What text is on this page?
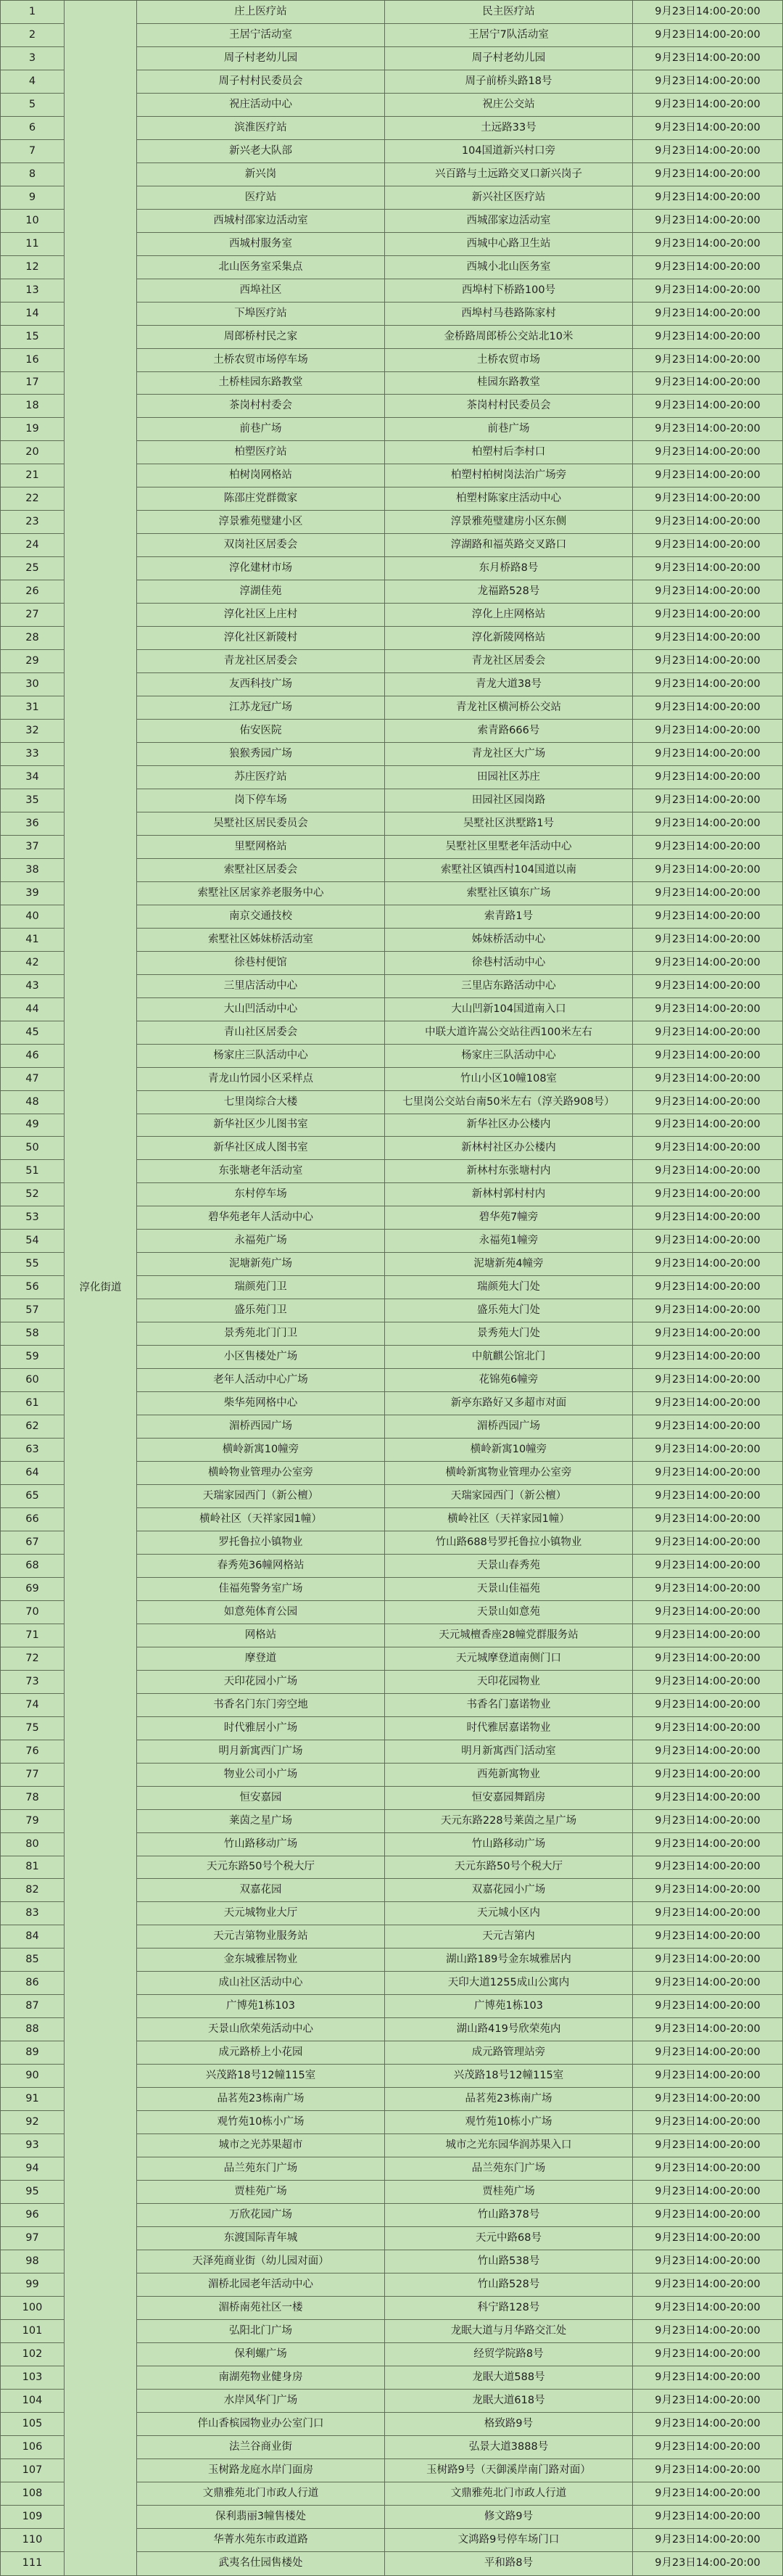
1	淳化街道	庄上医疗站	民主医疗站	9月23日14:00-20:00
2		王居宁活动室	王居宁7队活动室	9月23日14:00-20:00
3		周子村老幼儿园	周子村老幼儿园	9月23日14:00-20:00
4		周子村村民委员会	周子前桥头路18号	9月23日14:00-20:00
5		祝庄活动中心	祝庄公交站	9月23日14:00-20:00
6		滨淮医疗站	土远路33号	9月23日14:00-20:00
7		新兴老大队部	104国道新兴村口旁	9月23日14:00-20:00
8		新兴岗	兴百路与土远路交叉口新兴岗子	9月23日14:00-20:00
9		医疗站	新兴社区医疗站	9月23日14:00-20:00
10		西城村邵家边活动室	西城邵家边活动室	9月23日14:00-20:00
11		西城村服务室	西城中心路卫生站	9月23日14:00-20:00
12		北山医务室采集点	西城小北山医务室	9月23日14:00-20:00
13		西埠社区	西埠村下桥路100号	9月23日14:00-20:00
14		下埠医疗站	西埠村马巷路陈家村	9月23日14:00-20:00
15		周郎桥村民之家	金桥路周郎桥公交站北10米	9月23日14:00-20:00
16		土桥农贸市场停车场	土桥农贸市场	9月23日14:00-20:00
17		土桥桂园东路教堂	桂园东路教堂	9月23日14:00-20:00
18		茶岗村村委会	茶岗村村民委员会	9月23日14:00-20:00
19		前巷广场	前巷广场	9月23日14:00-20:00
20		柏塑医疗站	柏塑村后李村口	9月23日14:00-20:00
21		柏树岗网格站	柏塑村柏树岗法治广场旁	9月23日14:00-20:00
22		陈邵庄党群微家	柏塑村陈家庄活动中心	9月23日14:00-20:00
23		淳景雅苑璧建小区	淳景雅苑璧建房小区东侧	9月23日14:00-20:00
24		双岗社区居委会	淳湖路和福英路交叉路口	9月23日14:00-20:00
25		淳化建材市场	东月桥路8号	9月23日14:00-20:00
26		淳湖佳苑	龙福路528号	9月23日14:00-20:00
27		淳化社区上庄村	淳化上庄网格站	9月23日14:00-20:00
28		淳化社区新陵村	淳化新陵网格站	9月23日14:00-20:00
29		青龙社区居委会	青龙社区居委会	9月23日14:00-20:00
30		友西科技广场	青龙大道38号	9月23日14:00-20:00
31		江苏龙冠广场	青龙社区横河桥公交站	9月23日14:00-20:00
32		佑安医院	索青路666号	9月23日14:00-20:00
33		狼猴秀园广场	青龙社区大广场	9月23日14:00-20:00
34		苏庄医疗站	田园社区苏庄	9月23日14:00-20:00
35		岗下停车场	田园社区园岗路	9月23日14:00-20:00
36		吴墅社区居民委员会	吴墅社区洪墅路1号	9月23日14:00-20:00
37		里墅网格站	吴墅社区里墅老年活动中心	9月23日14:00-20:00
38		索墅社区居委会	索墅社区镇西村104国道以南	9月23日14:00-20:00
39		索墅社区居家养老服务中心	索墅社区镇东广场	9月23日14:00-20:00
40		南京交通技校	索青路1号	9月23日14:00-20:00
41		索墅社区姊妹桥活动室	姊妹桥活动中心	9月23日14:00-20:00
42		徐巷村便馆	徐巷村活动中心	9月23日14:00-20:00
43		三里店活动中心	三里店东路活动中心	9月23日14:00-20:00
44		大山凹活动中心	大山凹新104国道南入口	9月23日14:00-20:00
45		青山社区居委会	中联大道许嵩公交站往西100米左右	9月23日14:00-20:00
46		杨家庄三队活动中心	杨家庄三队活动中心	9月23日14:00-20:00
47		青龙山竹园小区采样点	竹山小区10幢108室	9月23日14:00-20:00
48		七里岗综合大楼	七里岗公交站台南50米左右（淳关路908号）	9月23日14:00-20:00
49		新华社区少儿图书室	新华社区办公楼内	9月23日14:00-20:00
50		新华社区成人图书室	新林村社区办公楼内	9月23日14:00-20:00
51		东张塘老年活动室	新林村东张塘村内	9月23日14:00-20:00
52		东村停车场	新林村郭村村内	9月23日14:00-20:00
53		碧华苑老年人活动中心	碧华苑7幢旁	9月23日14:00-20:00
54		永福苑广场	永福苑1幢旁	9月23日14:00-20:00
55		泥塘新苑广场	泥塘新苑4幢旁	9月23日14:00-20:00
56		瑞颜苑门卫	瑞颜苑大门处	9月23日14:00-20:00
57		盛乐苑门卫	盛乐苑大门处	9月23日14:00-20:00
58		景秀苑北门门卫	景秀苑大门处	9月23日14:00-20:00
59		小区售楼处广场	中航麒公馆北门	9月23日14:00-20:00
60		老年人活动中心广场	花锦苑6幢旁	9月23日14:00-20:00
61		柴华苑网格中心	新亭东路好又多超市对面	9月23日14:00-20:00
62		湄桥西园广场	湄桥西园广场	9月23日14:00-20:00
63		横岭新寓10幢旁	横岭新寓10幢旁	9月23日14:00-20:00
64		横岭物业管理办公室旁	横岭新寓物业管理办公室旁	9月23日14:00-20:00
65		天瑞家园西门（新公檀）	天瑞家园西门（新公檀）	9月23日14:00-20:00
66		横岭社区（天祥家园1幢）	横岭社区（天祥家园1幢）	9月23日14:00-20:00
67		罗托鲁拉小镇物业	竹山路688号罗托鲁拉小镇物业	9月23日14:00-20:00
68		春秀苑36幢网格站	天景山春秀苑	9月23日14:00-20:00
69		佳福苑警务室广场	天景山佳福苑	9月23日14:00-20:00
70		如意苑体育公园	天景山如意苑	9月23日14:00-20:00
71		网格站	天元城檀香座28幢党群服务站	9月23日14:00-20:00
72		摩登道	天元城摩登道南侧门口	9月23日14:00-20:00
73		天印花园小广场	天印花园物业	9月23日14:00-20:00
74		书香名门东门旁空地	书香名门嘉诺物业	9月23日14:00-20:00
75		时代雅居小广场	时代雅居嘉诺物业	9月23日14:00-20:00
76		明月新寓西门广场	明月新寓西门活动室	9月23日14:00-20:00
77		物业公司小广场	西苑新寓物业	9月23日14:00-20:00
78		恒安嘉园	恒安嘉园舞蹈房	9月23日14:00-20:00
79		莱茵之星广场	天元东路228号莱茵之星广场	9月23日14:00-20:00
80		竹山路移动广场	竹山路移动广场	9月23日14:00-20:00
81		天元东路50号个税大厅	天元东路50号个税大厅	9月23日14:00-20:00
82		双嘉花园	双嘉花园小广场	9月23日14:00-20:00
83		天元城物业大厅	天元城小区内	9月23日14:00-20:00
84		天元吉第物业服务站	天元吉第内	9月23日14:00-20:00
85		金东城雅居物业	湖山路189号金东城雅居内	9月23日14:00-20:00
86		成山社区活动中心	天印大道1255成山公寓内	9月23日14:00-20:00
87		广博苑1栋103	广博苑1栋103	9月23日14:00-20:00
88		天景山欣荣苑活动中心	湖山路419号欣荣苑内	9月23日14:00-20:00
89		成元路桥上小花园	成元路管理站旁	9月23日14:00-20:00
90		兴茂路18号12幢115室	兴茂路18号12幢115室	9月23日14:00-20:00
91		品茗苑23栋南广场	品茗苑23栋南广场	9月23日14:00-20:00
92		观竹苑10栋小广场	观竹苑10栋小广场	9月23日14:00-20:00
93		城市之光苏果超市	城市之光东园华润苏果入口	9月23日14:00-20:00
94		品兰苑东门广场	品兰苑东门广场	9月23日14:00-20:00
95		贾桂苑广场	贾桂苑广场	9月23日14:00-20:00
96		万欣花园广场	竹山路378号	9月23日14:00-20:00
97		东渡国际青年城	天元中路68号	9月23日14:00-20:00
98		天泽苑商业街（幼儿园对面）	竹山路538号	9月23日14:00-20:00
99		湄桥北园老年活动中心	竹山路528号	9月23日14:00-20:00
100		湄桥南苑社区一楼	科宁路128号	9月23日14:00-20:00
101		弘阳北门广场	龙眠大道与月华路交汇处	9月23日14:00-20:00
102		保利螺广场	经贸学院路8号	9月23日14:00-20:00
103		南湖苑物业健身房	龙眠大道588号	9月23日14:00-20:00
104		水岸风华门广场	龙眠大道618号	9月23日14:00-20:00
105		伴山香槟园物业办公室门口	格致路9号	9月23日14:00-20:00
106		法兰谷商业街	弘景大道3888号	9月23日14:00-20:00
107		玉树路龙庭水岸门面房	玉树路9号（天御溪岸南门路对面）	9月23日14:00-20:00
108		文鼎雅苑北门市政人行道	文鼎雅苑北门市政人行道	9月23日14:00-20:00
109		保利翡丽3幢售楼处	修文路9号	9月23日14:00-20:00
110		华菁水苑东市政道路	文鸿路9号停车场门口	9月23日14:00-20:00
111		武夷名仕园售楼处	平和路8号	9月23日14:00-20:00
